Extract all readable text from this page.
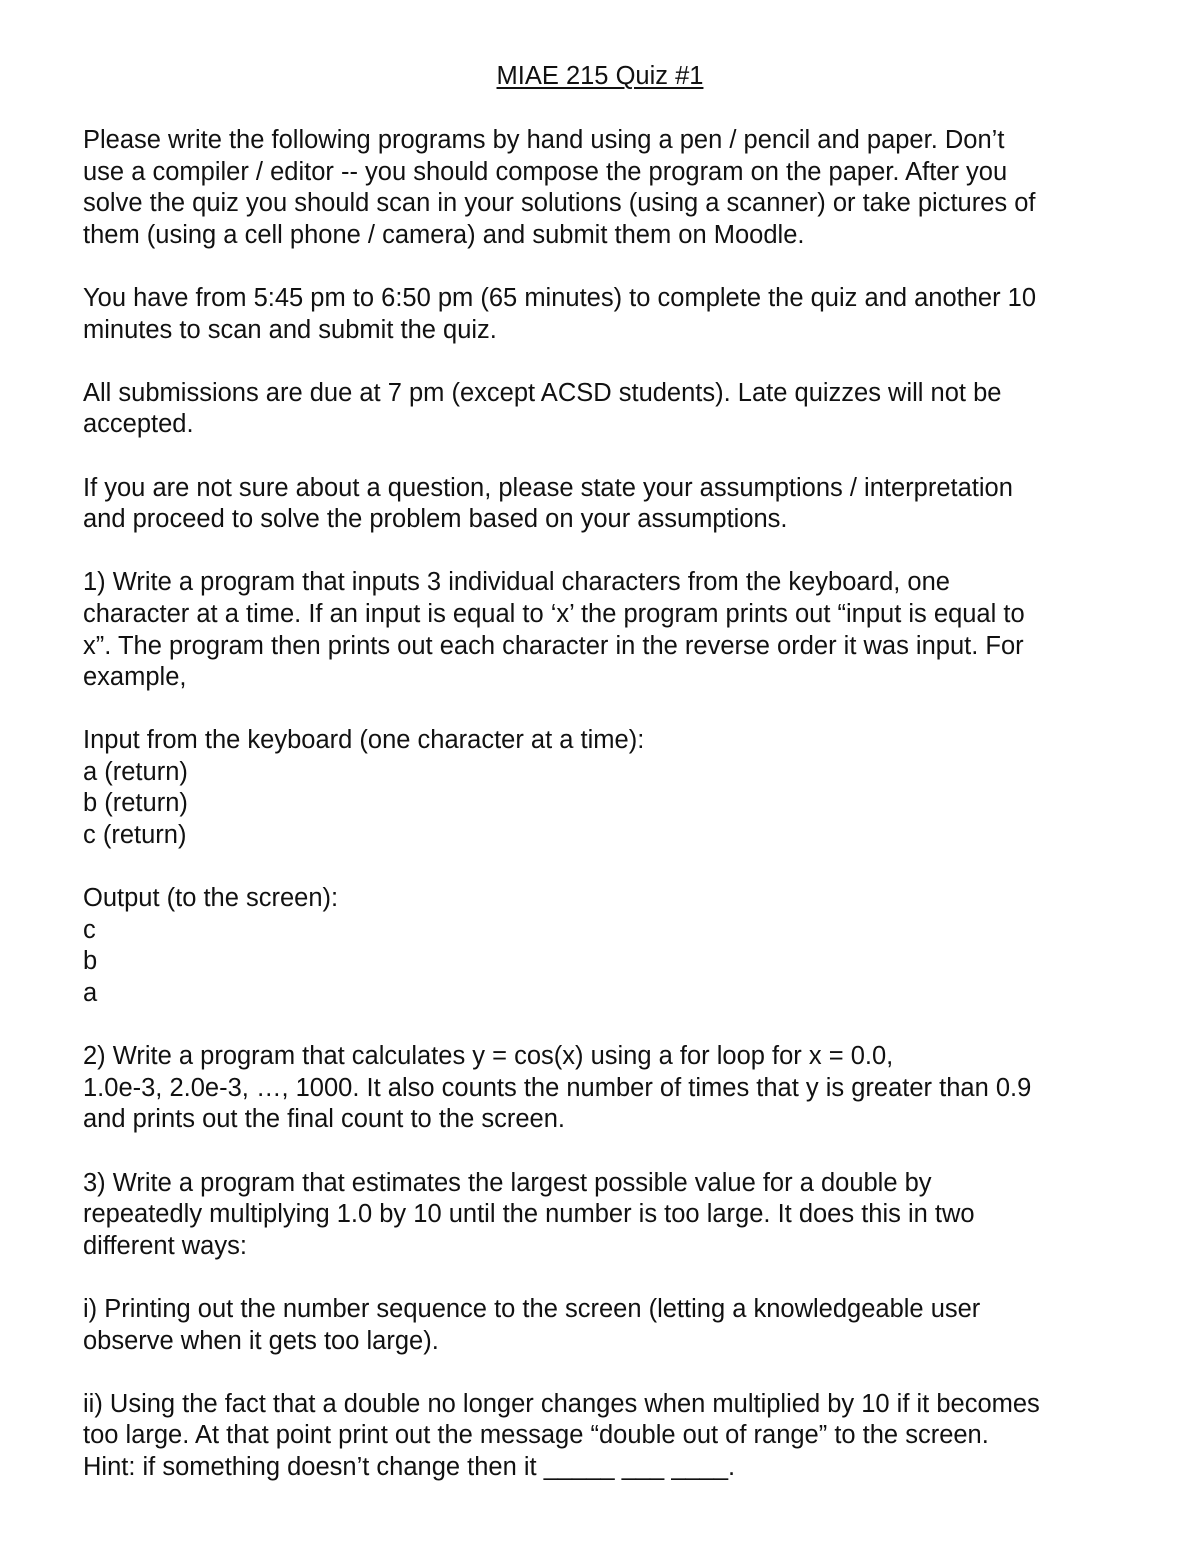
MIAE 215 Quiz #1

Please write the following programs by hand using a pen / pencil and paper. Don’t
use a compiler / editor -- you should compose the program on the paper. After you
solve the quiz you should scan in your solutions (using a scanner) or take pictures of
them (using a cell phone / camera) and submit them on Moodle.

You have from 5:45 pm to 6:50 pm (65 minutes) to complete the quiz and another 10
minutes to scan and submit the quiz.

All submissions are due at 7 pm (except ACSD students). Late quizzes will not be
accepted.

If you are not sure about a question, please state your assumptions / interpretation
and proceed to solve the problem based on your assumptions.

1) Write a program that inputs 3 individual characters from the keyboard, one
character at a time. If an input is equal to ‘x’ the program prints out “input is equal to
x”. The program then prints out each character in the reverse order it was input. For
example,

Input from the keyboard (one character at a time):
a (return)
b (return)
c (return)
Output (to the screen):
c
b
a

2) Write a program that calculates y = cos(x) using a for loop for x = 0.0,
1.0e-3, 2.0e-3, …, 1000. It also counts the number of times that y is greater than 0.9
and prints out the final count to the screen.

3) Write a program that estimates the largest possible value for a double by
repeatedly multiplying 1.0 by 10 until the number is too large. It does this in two
different ways:

i) Printing out the number sequence to the screen (letting a knowledgeable user
observe when it gets too large).

ii) Using the fact that a double no longer changes when multiplied by 10 if it becomes
too large. At that point print out the message “double out of range” to the screen.
Hint: if something doesn’t change then it _____ ___ ____.
